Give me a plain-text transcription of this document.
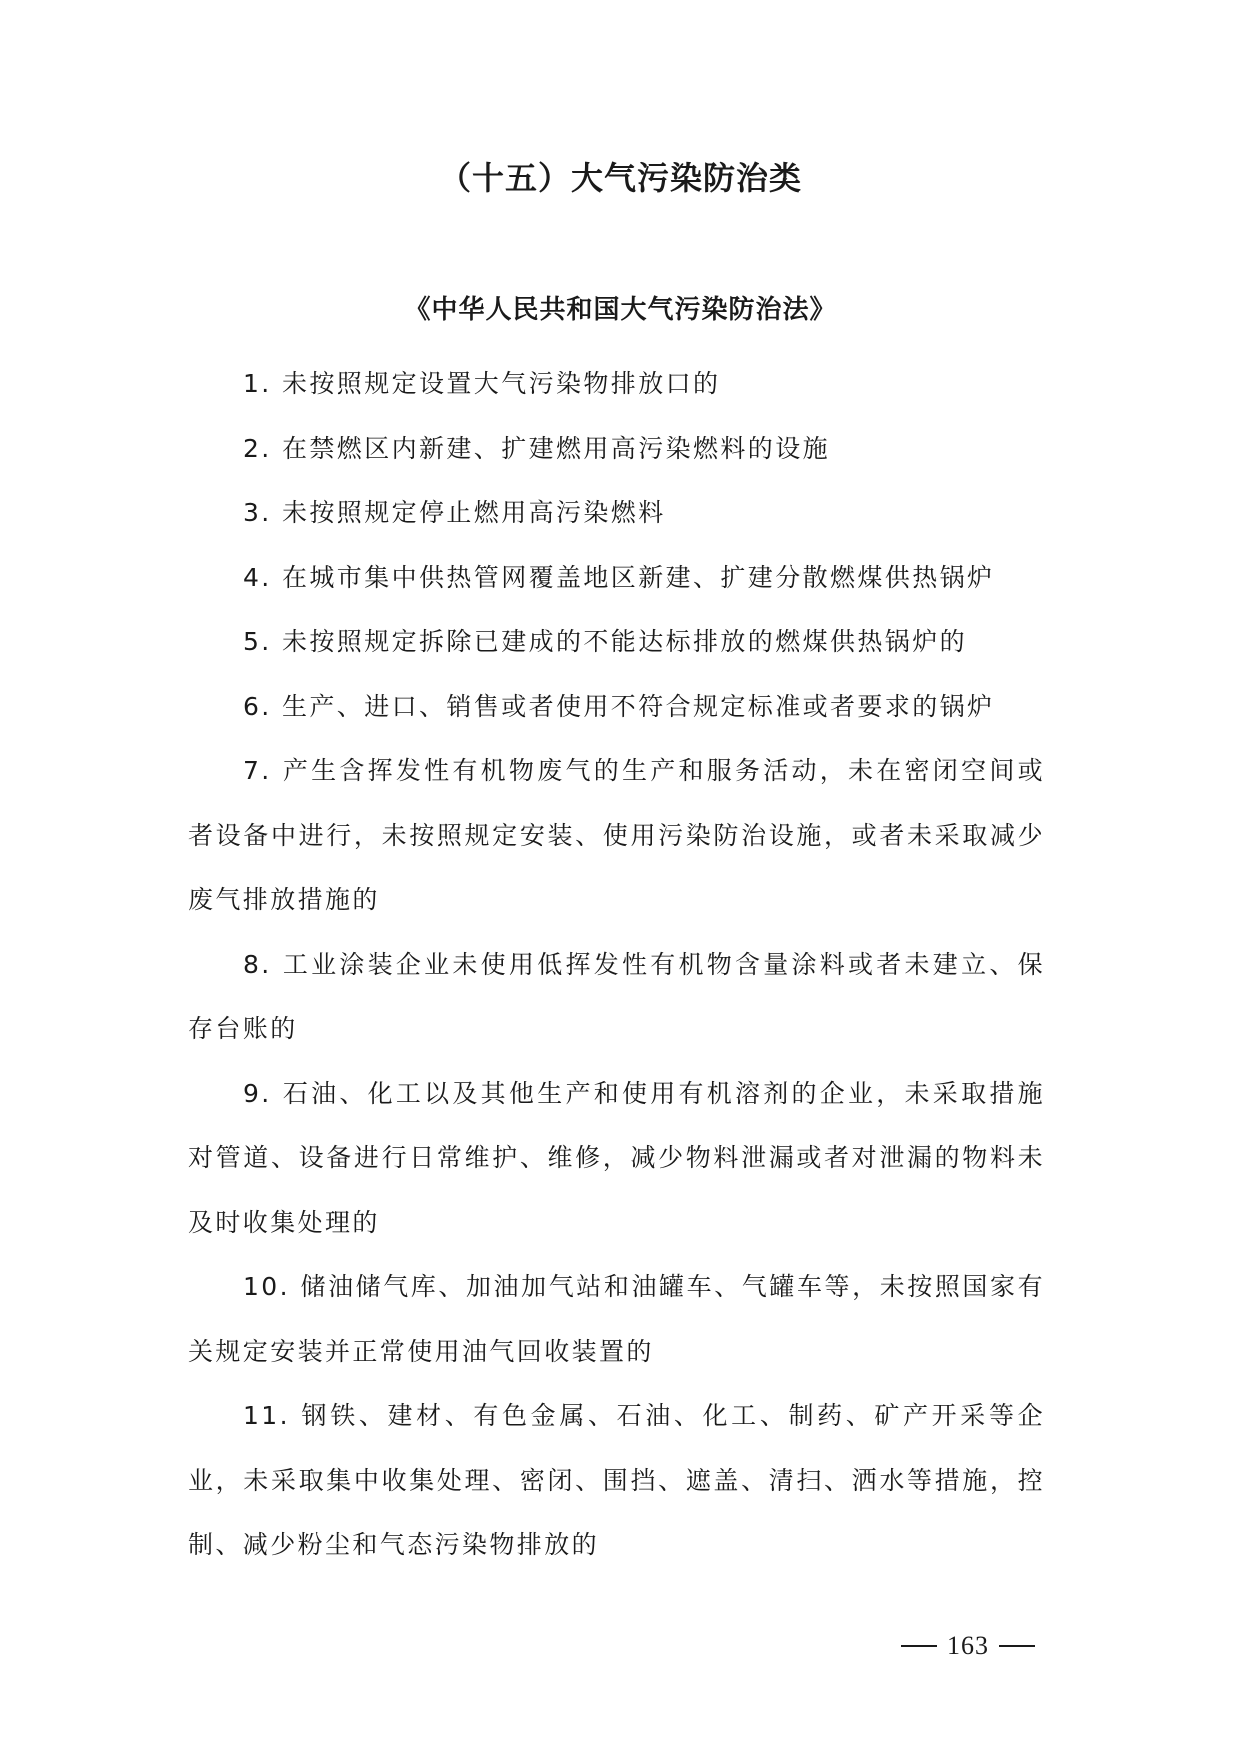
（十五）大气污染防治类
《中华人民共和国大气污染防治法》
1. 未按照规定设置大气污染物排放口的
2. 在禁燃区内新建、扩建燃用高污染燃料的设施
3. 未按照规定停止燃用高污染燃料
4. 在城市集中供热管网覆盖地区新建、扩建分散燃煤供热锅炉
5. 未按照规定拆除已建成的不能达标排放的燃煤供热锅炉的
6. 生产、进口、销售或者使用不符合规定标准或者要求的锅炉
7. 产生含挥发性有机物废气的生产和服务活动，未在密闭空间或者设备中进行，未按照规定安装、使用污染防治设施，或者未采取减少废气排放措施的
8. 工业涂装企业未使用低挥发性有机物含量涂料或者未建立、保存台账的
9. 石油、化工以及其他生产和使用有机溶剂的企业，未采取措施对管道、设备进行日常维护、维修，减少物料泄漏或者对泄漏的物料未及时收集处理的
10. 储油储气库、加油加气站和油罐车、气罐车等，未按照国家有关规定安装并正常使用油气回收装置的
11. 钢铁、建材、有色金属、石油、化工、制药、矿产开采等企业，未采取集中收集处理、密闭、围挡、遮盖、清扫、洒水等措施，控制、减少粉尘和气态污染物排放的
163
